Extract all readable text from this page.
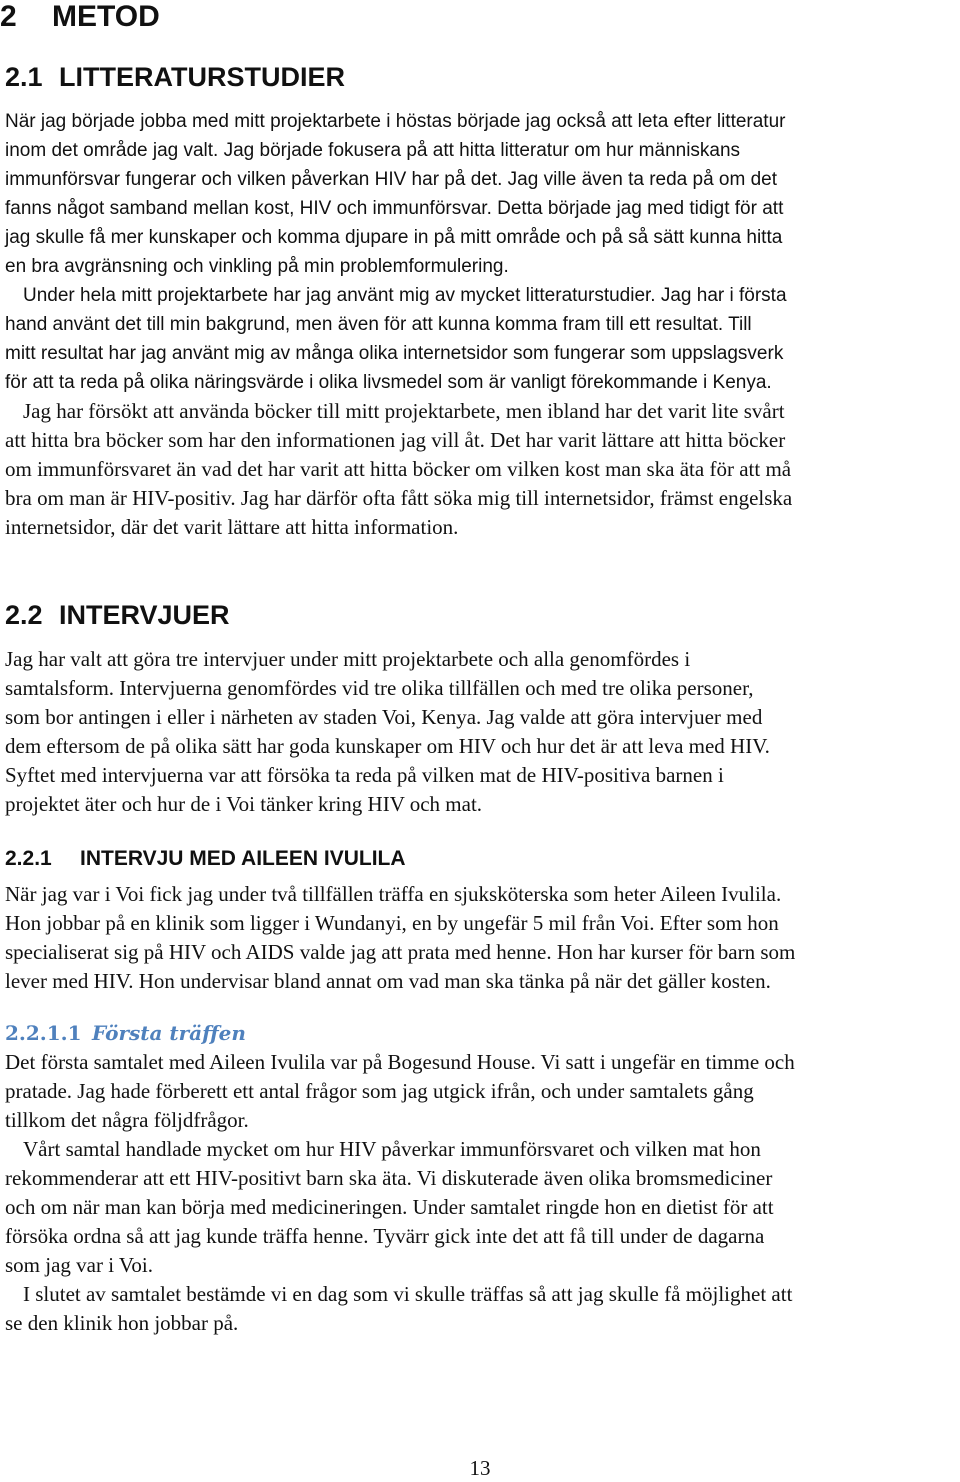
2 METOD
2.1 LITTERATURSTUDIER
När jag började jobba med mitt projektarbete i höstas började jag också att leta efter litteratur
inom det område jag valt. Jag började fokusera på att hitta litteratur om hur människans
immunförsvar fungerar och vilken påverkan HIV har på det. Jag ville även ta reda på om det
fanns något samband mellan kost, HIV och immunförsvar. Detta började jag med tidigt för att
jag skulle få mer kunskaper och komma djupare in på mitt område och på så sätt kunna hitta
en bra avgränsning och vinkling på min problemformulering.
Under hela mitt projektarbete har jag använt mig av mycket litteraturstudier. Jag har i första
hand använt det till min bakgrund, men även för att kunna komma fram till ett resultat. Till
mitt resultat har jag använt mig av många olika internetsidor som fungerar som uppslagsverk
för att ta reda på olika näringsvärde i olika livsmedel som är vanligt förekommande i Kenya.
Jag har försökt att använda böcker till mitt projektarbete, men ibland har det varit lite svårt
att hitta bra böcker som har den informationen jag vill åt. Det har varit lättare att hitta böcker
om immunförsvaret än vad det har varit att hitta böcker om vilken kost man ska äta för att må
bra om man är HIV-positiv. Jag har därför ofta fått söka mig till internetsidor, främst engelska
internetsidor, där det varit lättare att hitta information.
2.2 INTERVJUER
Jag har valt att göra tre intervjuer under mitt projektarbete och alla genomfördes i
samtalsform. Intervjuerna genomfördes vid tre olika tillfällen och med tre olika personer,
som bor antingen i eller i närheten av staden Voi, Kenya. Jag valde att göra intervjuer med
dem eftersom de på olika sätt har goda kunskaper om HIV och hur det är att leva med HIV.
Syftet med intervjuerna var att försöka ta reda på vilken mat de HIV-positiva barnen i
projektet äter och hur de i Voi tänker kring HIV och mat.
2.2.1 INTERVJU MED AILEEN IVULILA
När jag var i Voi fick jag under två tillfällen träffa en sjuksköterska som heter Aileen Ivulila.
Hon jobbar på en klinik som ligger i Wundanyi, en by ungefär 5 mil från Voi. Efter som hon
specialiserat sig på HIV och AIDS valde jag att prata med henne. Hon har kurser för barn som
lever med HIV. Hon undervisar bland annat om vad man ska tänka på när det gäller kosten.
2.2.1.1 Första träffen
Det första samtalet med Aileen Ivulila var på Bogesund House. Vi satt i ungefär en timme och
pratade. Jag hade förberett ett antal frågor som jag utgick ifrån, och under samtalets gång
tillkom det några följdfrågor.
Vårt samtal handlade mycket om hur HIV påverkar immunförsvaret och vilken mat hon
rekommenderar att ett HIV-positivt barn ska äta. Vi diskuterade även olika bromsmediciner
och om när man kan börja med medicineringen. Under samtalet ringde hon en dietist för att
försöka ordna så att jag kunde träffa henne. Tyvärr gick inte det att få till under de dagarna
som jag var i Voi.
I slutet av samtalet bestämde vi en dag som vi skulle träffas så att jag skulle få möjlighet att
se den klinik hon jobbar på.
13
